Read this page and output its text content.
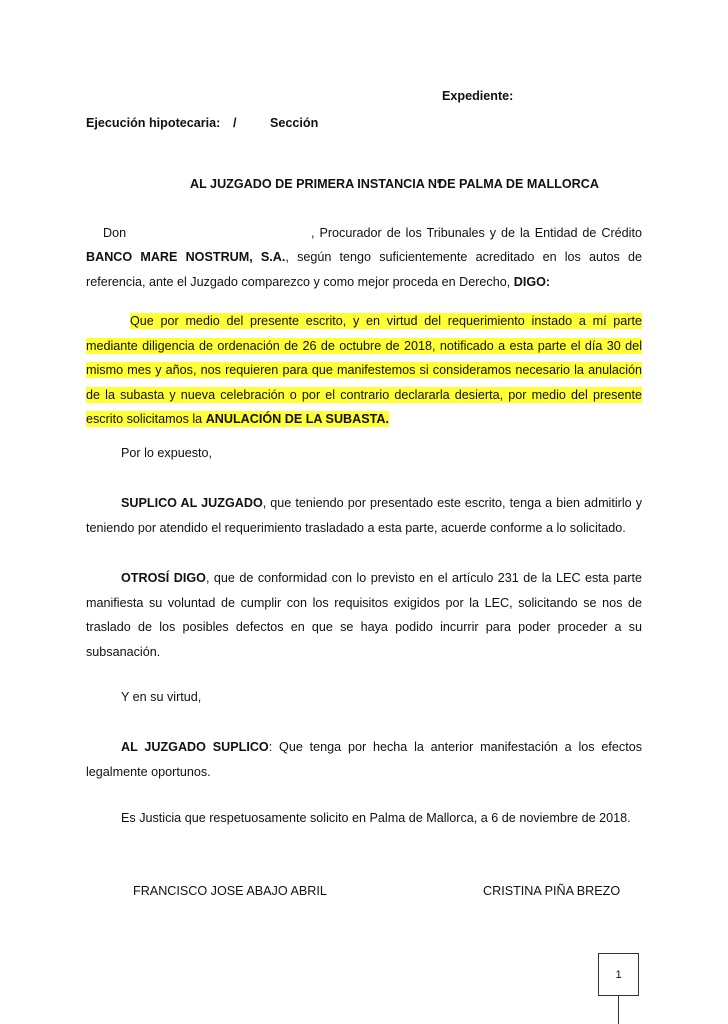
Expediente:
Ejecución hipotecaria: /	Sección
AL JUZGADO DE PRIMERA INSTANCIA Nº
DE PALMA DE MALLORCA
Don	, Procurador de los Tribunales y de la Entidad de Crédito
BANCO MARE NOSTRUM, S.A., según tengo suficientemente acreditado en los autos de referencia, ante el Juzgado comparezco y como mejor proceda en Derecho, DIGO:
Que por medio del presente escrito, y en virtud del requerimiento instado a mí parte mediante diligencia de ordenación de 26 de octubre de 2018, notificado a esta parte el día 30 del mismo mes y años, nos requieren para que manifestemos si consideramos necesario la anulación de la subasta y nueva celebración o por el contrario declararla desierta, por medio del presente escrito solicitamos la ANULACIÓN DE LA SUBASTA.
Por lo expuesto,
SUPLICO AL JUZGADO, que teniendo por presentado este escrito, tenga a bien admitirlo y teniendo por atendido el requerimiento trasladado a esta parte, acuerde conforme a lo solicitado.
OTROSÍ DIGO, que de conformidad con lo previsto en el artículo 231 de la LEC esta parte manifiesta su voluntad de cumplir con los requisitos exigidos por la LEC, solicitando se nos de traslado de los posibles defectos en que se haya podido incurrir para poder proceder a su subsanación.
Y en su virtud,
AL JUZGADO SUPLICO: Que tenga por hecha la anterior manifestación a los efectos legalmente oportunos.
Es Justicia que respetuosamente solicito en Palma de Mallorca, a 6 de noviembre de 2018.
FRANCISCO JOSE ABAJO ABRIL	CRISTINA PIÑA BREZO
1
